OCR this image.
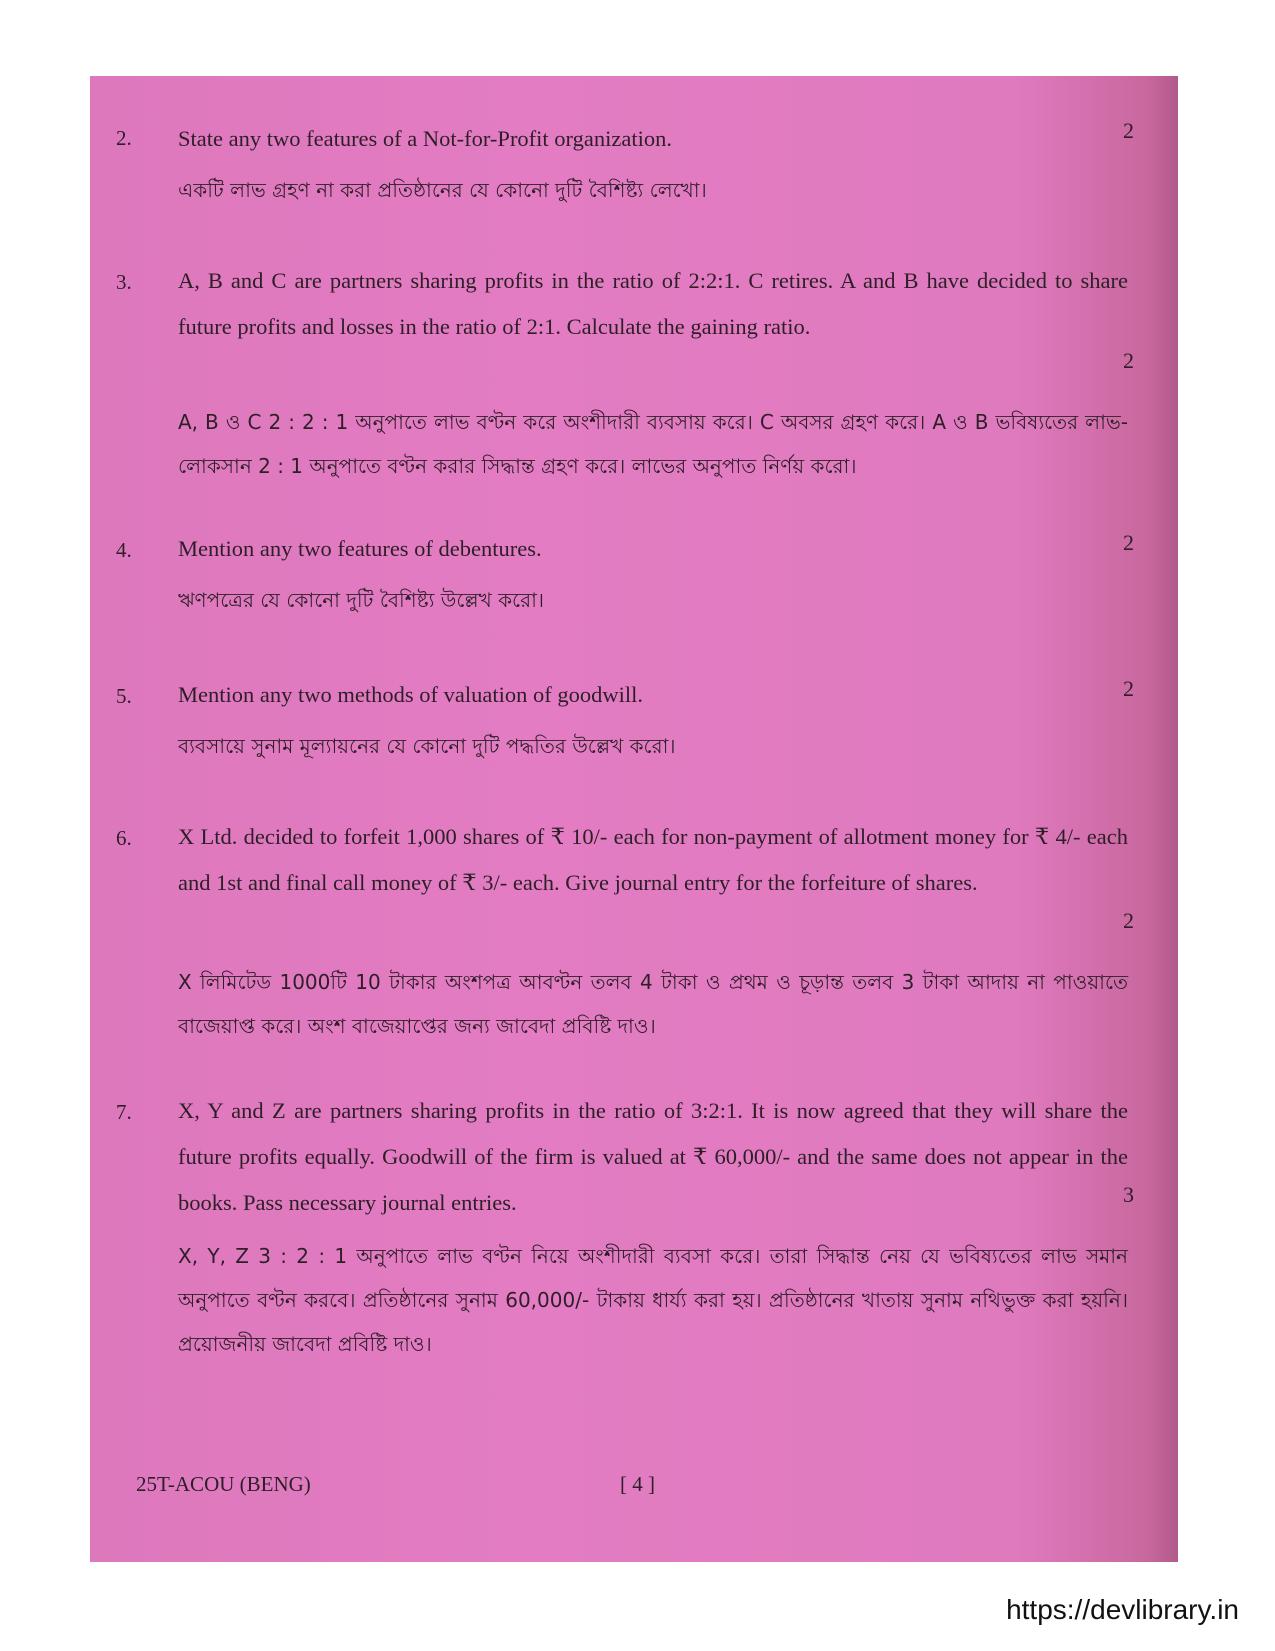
2. State any two features of a Not-for-Profit organization.	2
একটি লাভ গ্রহণ না করা প্রতিষ্ঠানের যে কোনো দুটি বৈশিষ্ট্য লেখো।
3. A, B and C are partners sharing profits in the ratio of 2:2:1. C retires. A and B have decided to share future profits and losses in the ratio of 2:1. Calculate the gaining ratio.
2
A, B ও C 2 : 2 : 1 অনুপাতে লাভ বণ্টন করে অংশীদারী ব্যবসায় করে। C অবসর গ্রহণ করে। A ও B ভবিষ্যতের লাভ-লোকসান 2 : 1 অনুপাতে বণ্টন করার সিদ্ধান্ত গ্রহণ করে। লাভের অনুপাত নির্ণয় করো।
4. Mention any two features of debentures.	2
ঋণপত্রের যে কোনো দুটি বৈশিষ্ট্য উল্লেখ করো।
5. Mention any two methods of valuation of goodwill.	2
ব্যবসায়ে সুনাম মূল্যায়নের যে কোনো দুটি পদ্ধতির উল্লেখ করো।
6. X Ltd. decided to forfeit 1,000 shares of ₹ 10/- each for non-payment of allotment money for ₹ 4/- each and 1st and final call money of ₹ 3/- each. Give journal entry for the forfeiture of shares.
2
X লিমিটেড 1000টি 10 টাকার অংশপত্র আবণ্টন তলব 4 টাকা ও প্রথম ও চূড়ান্ত তলব 3 টাকা আদায় না পাওয়াতে বাজেয়াপ্ত করে। অংশ বাজেয়াপ্তের জন্য জাবেদা প্রবিষ্টি দাও।
7. X, Y and Z are partners sharing profits in the ratio of 3:2:1. It is now agreed that they will share the future profits equally. Goodwill of the firm is valued at ₹ 60,000/- and the same does not appear in the books. Pass necessary journal entries.	3
X, Y, Z 3 : 2 : 1 অনুপাতে লাভ বণ্টন নিয়ে অংশীদারী ব্যবসা করে। তারা সিদ্ধান্ত নেয় যে ভবিষ্যতের লাভ সমান অনুপাতে বণ্টন করবে। প্রতিষ্ঠানের সুনাম 60,000/- টাকায় ধার্য্য করা হয়। প্রতিষ্ঠানের খাতায় সুনাম নথিভুক্ত করা হয়নি। প্রয়োজনীয় জাবেদা প্রবিষ্টি দাও।
25T-ACOU (BENG)	[ 4 ]
https://devlibrary.in
